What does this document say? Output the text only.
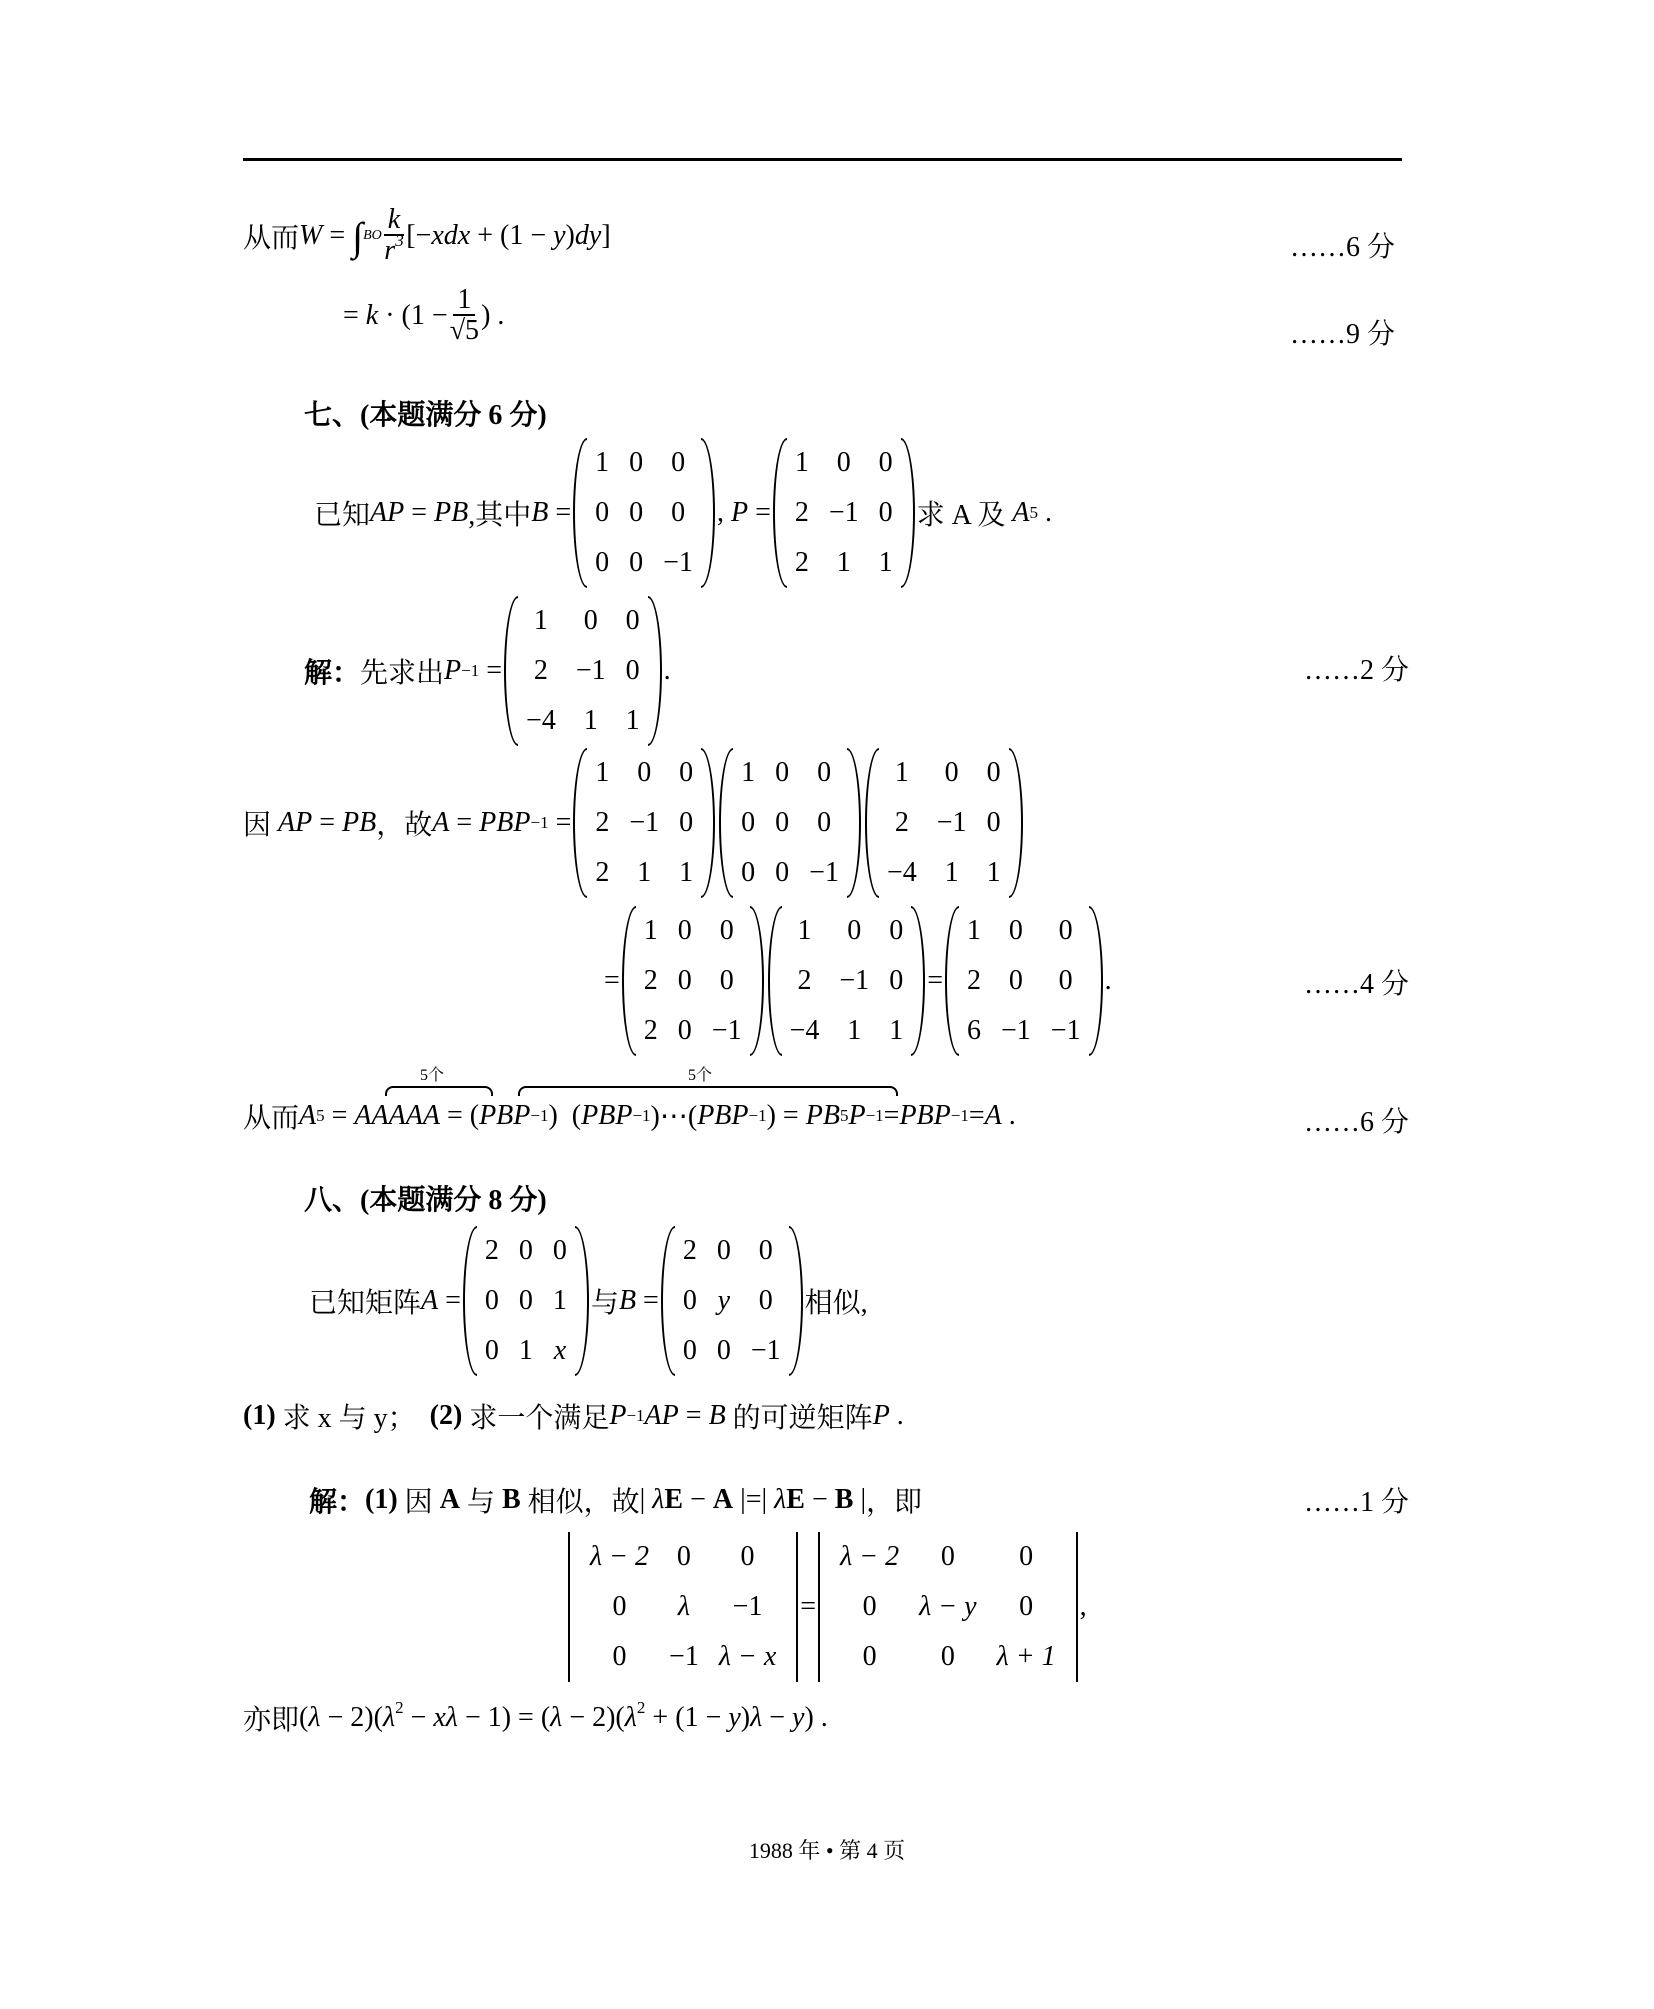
从而 W = ∫ BO $\frac{k}{r^3} [-xdx + (1 - y)dy]$	……6 分
= $k \cdot (1 - \frac{1}{√5}$ ) .
……9 分
七、(本题满分 6 分)
已知 AP = PB ,其中 B =
1	0	0
0	0	0
0	0	−1
, P =
1	0	0
2	−1	0
2	1	1
求 A 及
A 5 .
解： 先求出 P −1 =
1	0	0
2	−1	0
−4	1	1
.	……2 分
因
AP = PB ，故 A = PBP −1 =
1	0	0
2	−1	0
2	1	1
1	0	0
0	0	0
0	0	−1
1	0	0
2	−1	0
−4	1	1
=
1	0	0
2	0	0
2	0	−1
1	0	0
2	−1	0
−4	1	1
=
1	0	0
2	0	0
6	−1	−1
.	……4 分
5个	5个
从而 A 5 = AAAAA = ( PBP −1 )  ( PBP −1 )⋯( PBP −1 ) = PB 5 P −1 = PBP −1 = A .	……6 分
八、(本题满分 8 分)
已知矩阵 A =
2	0	0
0	0	1
0	1	x
与 B =
2	0	0
0	y	0
0	0	−1
相似,
(1)
求 x 与 y；
(2)
求一个满足 P −1 AP = B
的可逆矩阵 P .
解： (1)
因
A
与
B
相似，故 | λE − A |=| λE − B | ，即	……1 分
λ − 2	0	0
0	λ	−1
0	−1	λ − x
=
λ − 2	0	0
0	λ − y	0
0	0	λ + 1
,
亦即 $(\lambda - 2)(\lambda^2 - x\lambda - 1) = (\lambda - 2)(\lambda^2 + (1 - y)\lambda - y)$ .
1988 年 • 第 4 页
